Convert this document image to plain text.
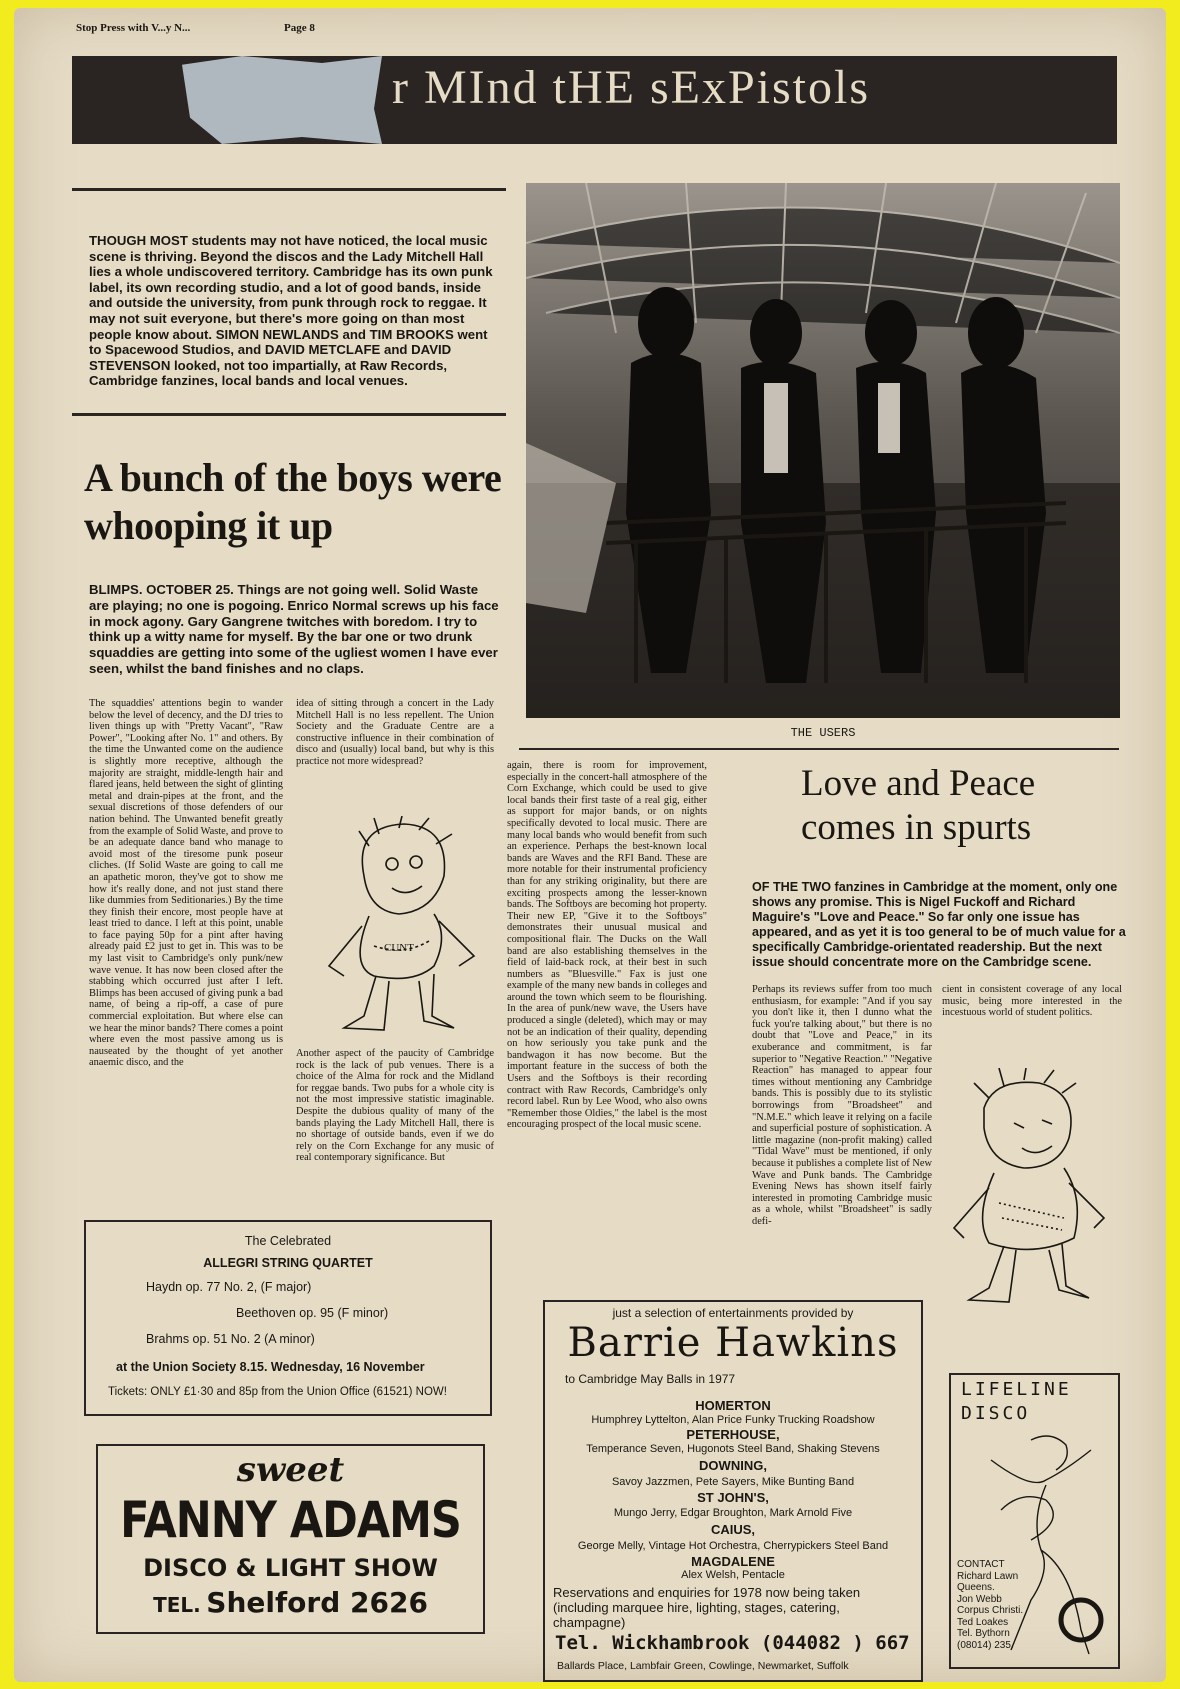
Stop Press with V...y N...	Page 8
r MInd tHE sExPistols
THOUGH MOST students may not have noticed, the local music scene is thriving. Beyond the discos and the Lady Mitchell Hall lies a whole undiscovered territory. Cambridge has its own punk label, its own recording studio, and a lot of good bands, inside and outside the university, from punk through rock to reggae. It may not suit everyone, but there's more going on than most people know about. SIMON NEWLANDS and TIM BROOKS went to Spacewood Studios, and DAVID METCLAFE and DAVID STEVENSON looked, not too impartially, at Raw Records, Cambridge fanzines, local bands and local venues.
A bunch of the boys were whooping it up
BLIMPS. OCTOBER 25. Things are not going well. Solid Waste are playing; no one is pogoing. Enrico Normal screws up his face in mock agony. Gary Gangrene twitches with boredom. I try to think up a witty name for myself. By the bar one or two drunk squaddies are getting into some of the ugliest women I have ever seen, whilst the band finishes and no claps.
The squaddies' attentions begin to wander below the level of decency, and the DJ tries to liven things up with "Pretty Vacant", "Raw Power", "Looking after No. 1" and others. By the time the Unwanted come on the audience is slightly more receptive, although the majority are straight, middle-length hair and flared jeans, held between the sight of glinting metal and drain-pipes at the front, and the sexual discretions of those defenders of our nation behind. The Unwanted benefit greatly from the example of Solid Waste, and prove to be an adequate dance band who manage to avoid most of the tiresome punk poseur cliches. (If Solid Waste are going to call me an apathetic moron, they've got to show me how it's really done, and not just stand there like dummies from Seditionaries.) By the time they finish their encore, most people have at least tried to dance. I left at this point, unable to face paying 50p for a pint after having already paid £2 just to get in. This was to be my last visit to Cambridge's only punk/new wave venue. It has now been closed after the stabbing which occurred just after I left. Blimps has been accused of giving punk a bad name, of being a rip-off, a case of pure commercial exploitation. But where else can we hear the minor bands? There comes a point where even the most passive among us is nauseated by the thought of yet another anaemic disco, and the
idea of sitting through a concert in the Lady Mitchell Hall is no less repellent. The Union Society and the Graduate Centre are a constructive influence in their combination of disco and (usually) local band, but why is this practice not more widespread?
CUNT
Another aspect of the paucity of Cambridge rock is the lack of pub venues. There is a choice of the Alma for rock and the Midland for reggae bands. Two pubs for a whole city is not the most impressive statistic imaginable. Despite the dubious quality of many of the bands playing the Lady Mitchell Hall, there is no shortage of outside bands, even if we do rely on the Corn Exchange for any music of real contemporary significance. But
again, there is room for improvement, especially in the concert-hall atmosphere of the Corn Exchange, which could be used to give local bands their first taste of a real gig, either as support for major bands, or on nights specifically devoted to local music. There are many local bands who would benefit from such an experience. Perhaps the best-known local bands are Waves and the RFI Band. These are more notable for their instrumental proficiency than for any striking originality, but there are exciting prospects among the lesser-known bands. The Softboys are becoming hot property. Their new EP, "Give it to the Softboys" demonstrates their unusual musical and compositional flair. The Ducks on the Wall band are also establishing themselves in the field of laid-back rock, at their best in such numbers as "Bluesville." Fax is just one example of the many new bands in colleges and around the town which seem to be flourishing. In the area of punk/new wave, the Users have produced a single (deleted), which may or may not be an indication of their quality, depending on how seriously you take punk and the bandwagon it has now become. But the important feature in the success of both the Users and the Softboys is their recording contract with Raw Records, Cambridge's only record label. Run by Lee Wood, who also owns "Remember those Oldies," the label is the most encouraging prospect of the local music scene.
THE USERS
Love and Peace comes in spurts
OF THE TWO fanzines in Cambridge at the moment, only one shows any promise. This is Nigel Fuckoff and Richard Maguire's "Love and Peace." So far only one issue has appeared, and as yet it is too general to be of much value for a specifically Cambridge-orientated readership. But the next issue should concentrate more on the Cambridge scene.
Perhaps its reviews suffer from too much enthusiasm, for example: "And if you say you don't like it, then I dunno what the fuck you're talking about," but there is no doubt that "Love and Peace," in its exuberance and commitment, is far superior to "Negative Reaction." "Negative Reaction" has managed to appear four times without mentioning any Cambridge bands. This is possibly due to its stylistic borrowings from "Broadsheet" and "N.M.E." which leave it relying on a facile and superficial posture of sophistication. A little magazine (non-profit making) called "Tidal Wave" must be mentioned, if only because it publishes a complete list of New Wave and Punk bands. The Cambridge Evening News has shown itself fairly interested in promoting Cambridge music as a whole, whilst "Broadsheet" is sadly defi-
cient in consistent coverage of any local music, being more interested in the incestuous world of student politics.
The Celebrated
ALLEGRI STRING QUARTET
Haydn op. 77 No. 2, (F major)
Beethoven op. 95 (F minor)
Brahms op. 51 No. 2 (A minor)
at the Union Society 8.15. Wednesday, 16 November
Tickets: ONLY £1·30 and 85p from the Union Office (61521) NOW!
sweet
FANNY ADAMS
DISCO & LIGHT SHOW
TEL. Shelford 2626
just a selection of entertainments provided by
Barrie Hawkins
to Cambridge May Balls in 1977
HOMERTON
Humphrey Lyttelton, Alan Price Funky Trucking Roadshow
PETERHOUSE,
Temperance Seven, Hugonots Steel Band, Shaking Stevens
DOWNING,
Savoy Jazzmen, Pete Sayers, Mike Bunting Band
ST JOHN'S,
Mungo Jerry, Edgar Broughton, Mark Arnold Five
CAIUS,
George Melly, Vintage Hot Orchestra, Cherrypickers Steel Band
MAGDALENE
Alex Welsh, Pentacle
Reservations and enquiries for 1978 now being taken (including marquee hire, lighting, stages, catering, champagne)
Tel. Wickhambrook (044082 ) 667
Ballards Place, Lambfair Green, Cowlinge, Newmarket, Suffolk
LIFELINE
DISCO
CONTACT
Richard Lawn
Queens.
Jon Webb
Corpus Christi.
Ted Loakes
Tel. Bythorn
(08014) 235.
